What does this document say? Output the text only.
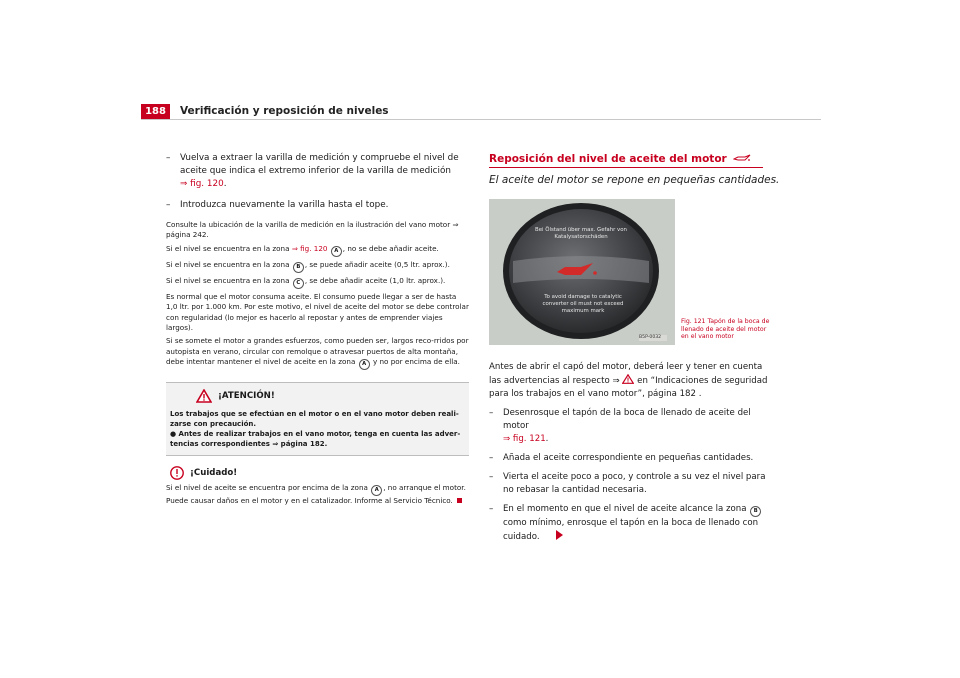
188	Verificación y reposición de niveles
– Vuelva a extraer la varilla de medición y compruebe el nivel de aceite que indica el extremo inferior de la varilla de medición
⇒ fig. 120.
– Introduzca nuevamente la varilla hasta el tope.

Consulte la ubicación de la varilla de medición en la ilustración del vano motor ⇒ página 242.

Si el nivel se encuentra en la zona ⇒ fig. 120 A , no se debe añadir aceite.

Si el nivel se encuentra en la zona B , se puede añadir aceite (0,5 ltr. aprox.).

Si el nivel se encuentra en la zona C , se debe añadir aceite (1,0 ltr. aprox.).

Es normal que el motor consuma aceite. El consumo puede llegar a ser de hasta 1,0 ltr. por 1.000 km. Por este motivo, el nivel de aceite del motor se debe controlar con regularidad (lo mejor es hacerlo al repostar y antes de emprender viajes largos).

Si se somete el motor a grandes esfuerzos, como pueden ser, largos reco-rridos por autopista en verano, circular con remolque o atravesar puertos de alta montaña, debe intentar mantener el nivel de aceite en la zona A y no por encima de ella.

¡ATENCIÓN!
Los trabajos que se efectúan en el motor o en el vano motor deben reali-zarse con precaución.
● Antes de realizar trabajos en el vano motor, tenga en cuenta las adver-tencias correspondientes ⇒ página 182.
¡Cuidado!

Si el nivel de aceite se encuentra por encima de la zona A , no arranque el motor. Puede causar daños en el motor y en el catalizador. Informe al Servicio Técnico.

Reposición del nivel de aceite del motor
El aceite del motor se repone en pequeñas cantidades.
Bei Ölstand über max. Gefahr von Katalysatorschäden
To avoid damage to catalytic converter oil must not exceed maximum mark
B5P-0032
Fig. 121 Tapón de la boca de llenado de aceite del motor en el vano motor

Antes de abrir el capó del motor, deberá leer y tener en cuenta las advertencias al respecto ⇒ en “Indicaciones de seguridad para los trabajos en el vano motor”, página 182 .

– Desenrosque el tapón de la boca de llenado de aceite del motor
⇒ fig. 121.
– Añada el aceite correspondiente en pequeñas cantidades.
– Vierta el aceite poco a poco, y controle a su vez el nivel para no rebasar la cantidad necesaria.
– En el momento en que el nivel de aceite alcance la zona B como mínimo, enrosque el tapón en la boca de llenado con cuidado.
